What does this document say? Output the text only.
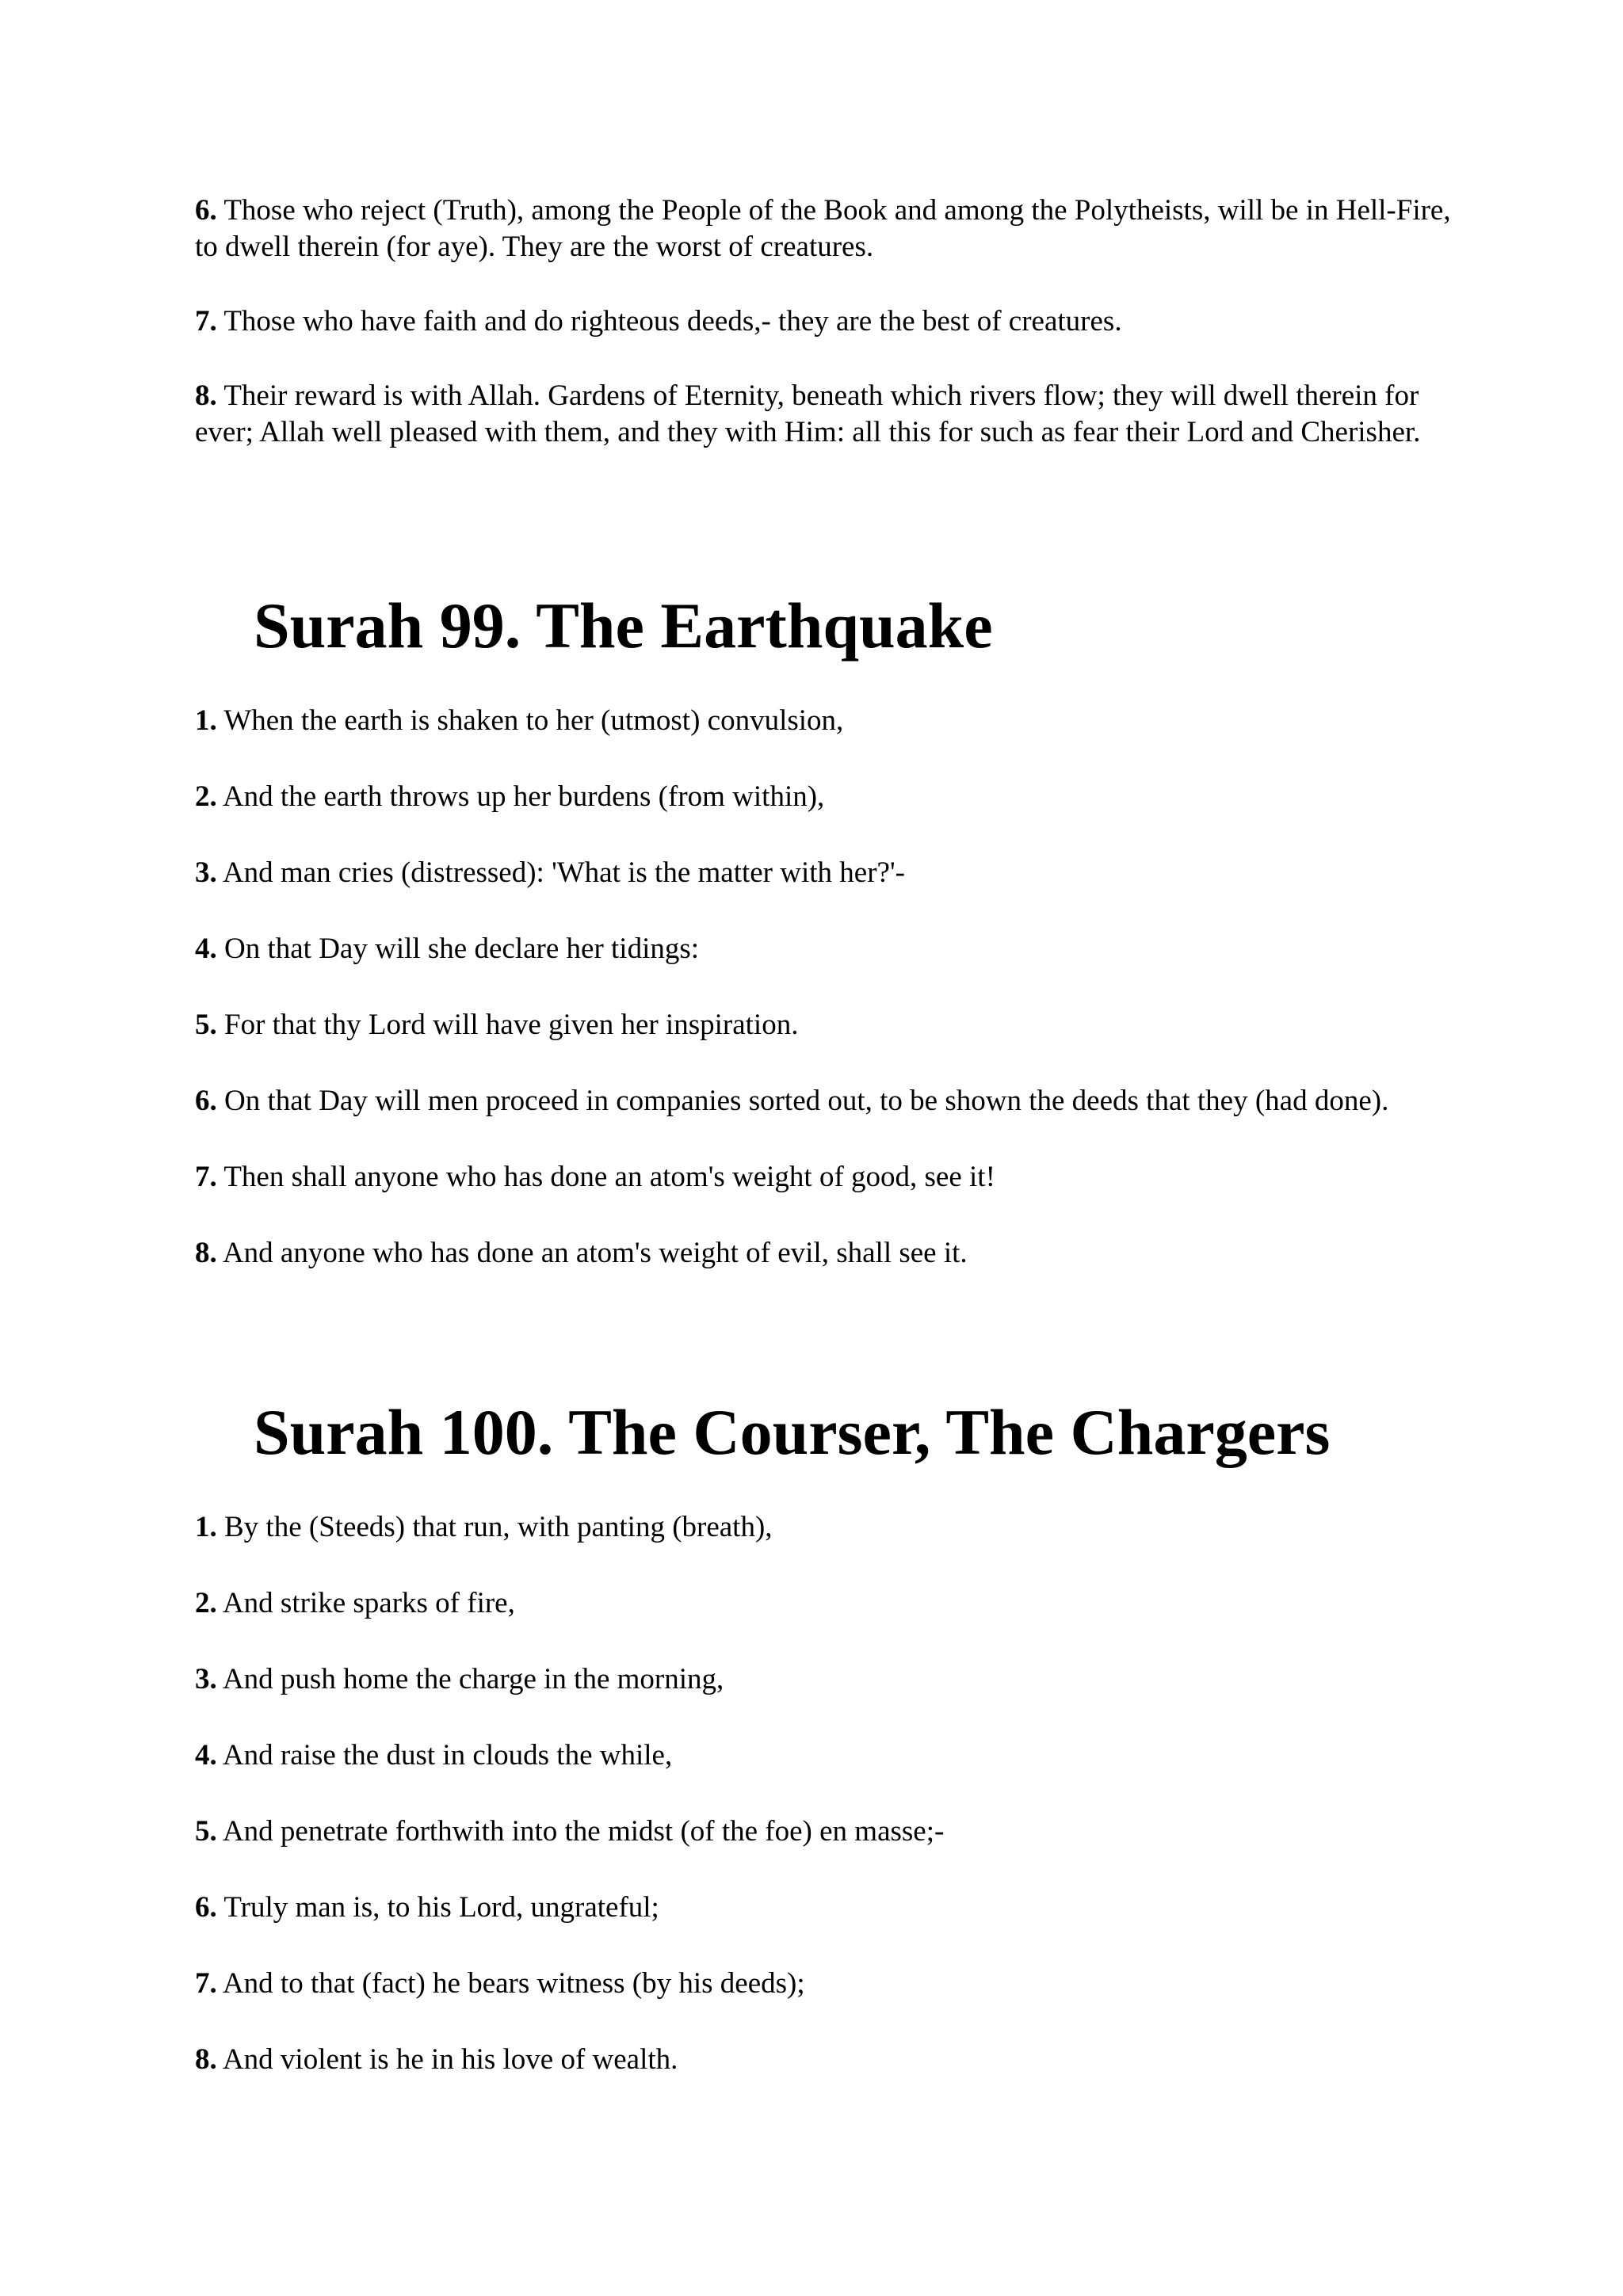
6. Those who reject (Truth), among the People of the Book and among the Polytheists, will be in Hell-Fire, to dwell therein (for aye). They are the worst of creatures.

7. Those who have faith and do righteous deeds,- they are the best of creatures.

8. Their reward is with Allah. Gardens of Eternity, beneath which rivers flow; they will dwell therein for ever; Allah well pleased with them, and they with Him: all this for such as fear their Lord and Cherisher.

Surah 99. The Earthquake

1. When the earth is shaken to her (utmost) convulsion,

2. And the earth throws up her burdens (from within),

3. And man cries (distressed): 'What is the matter with her?'-

4. On that Day will she declare her tidings:

5. For that thy Lord will have given her inspiration.

6. On that Day will men proceed in companies sorted out, to be shown the deeds that they (had done).

7. Then shall anyone who has done an atom's weight of good, see it!

8. And anyone who has done an atom's weight of evil, shall see it.

Surah 100. The Courser, The Chargers

1. By the (Steeds) that run, with panting (breath),

2. And strike sparks of fire,

3. And push home the charge in the morning,

4. And raise the dust in clouds the while,

5. And penetrate forthwith into the midst (of the foe) en masse;-

6. Truly man is, to his Lord, ungrateful;

7. And to that (fact) he bears witness (by his deeds);

8. And violent is he in his love of wealth.
